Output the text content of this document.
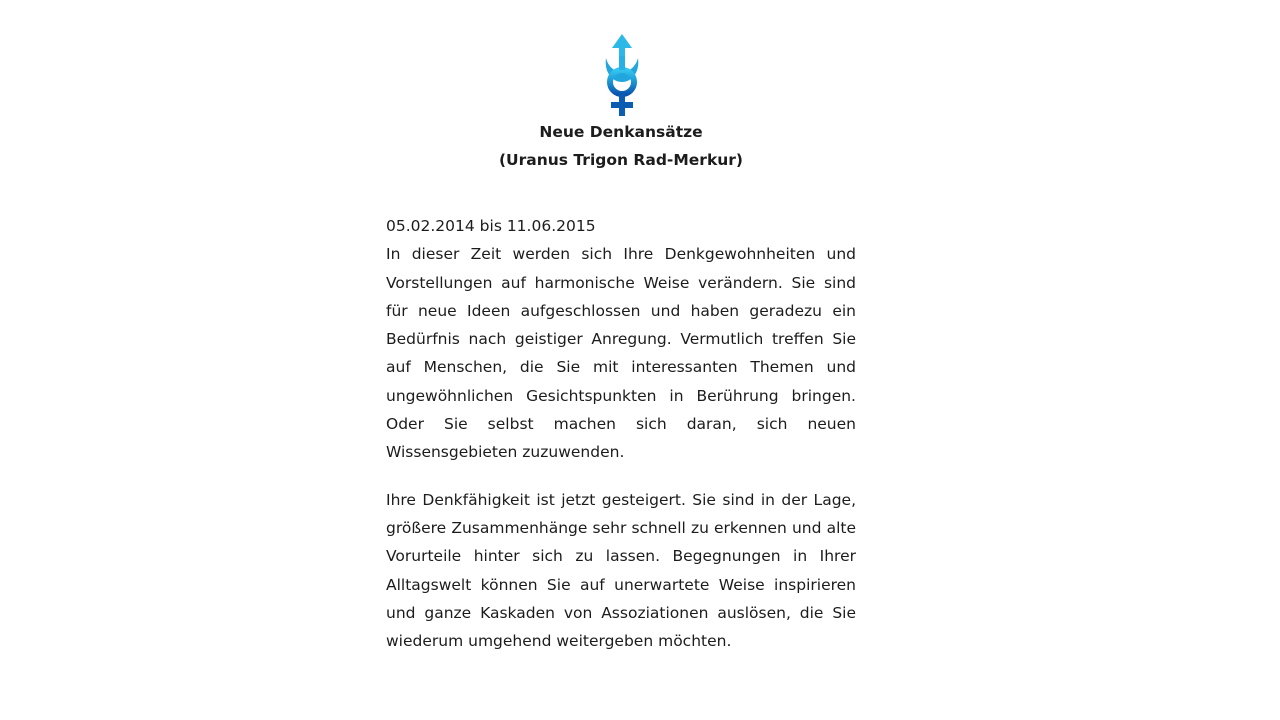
Neue Denkansätze
(Uranus Trigon Rad-Merkur)

05.02.2014 bis 11.06.2015

In dieser Zeit werden sich Ihre Denkgewohnheiten und Vorstellungen auf harmonische Weise verändern. Sie sind für neue Ideen aufgeschlossen und haben geradezu ein Bedürfnis nach geistiger Anregung. Vermutlich treffen Sie auf Menschen, die Sie mit interessanten Themen und ungewöhnlichen Gesichtspunkten in Berührung bringen. Oder Sie selbst machen sich daran, sich neuen Wissensgebieten zuzuwenden.

Ihre Denkfähigkeit ist jetzt gesteigert. Sie sind in der Lage, größere Zusammenhänge sehr schnell zu erkennen und alte Vorurteile hinter sich zu lassen. Begegnungen in Ihrer Alltagswelt können Sie auf unerwartete Weise inspirieren und ganze Kaskaden von Assoziationen auslösen, die Sie wiederum umgehend weitergeben möchten.
